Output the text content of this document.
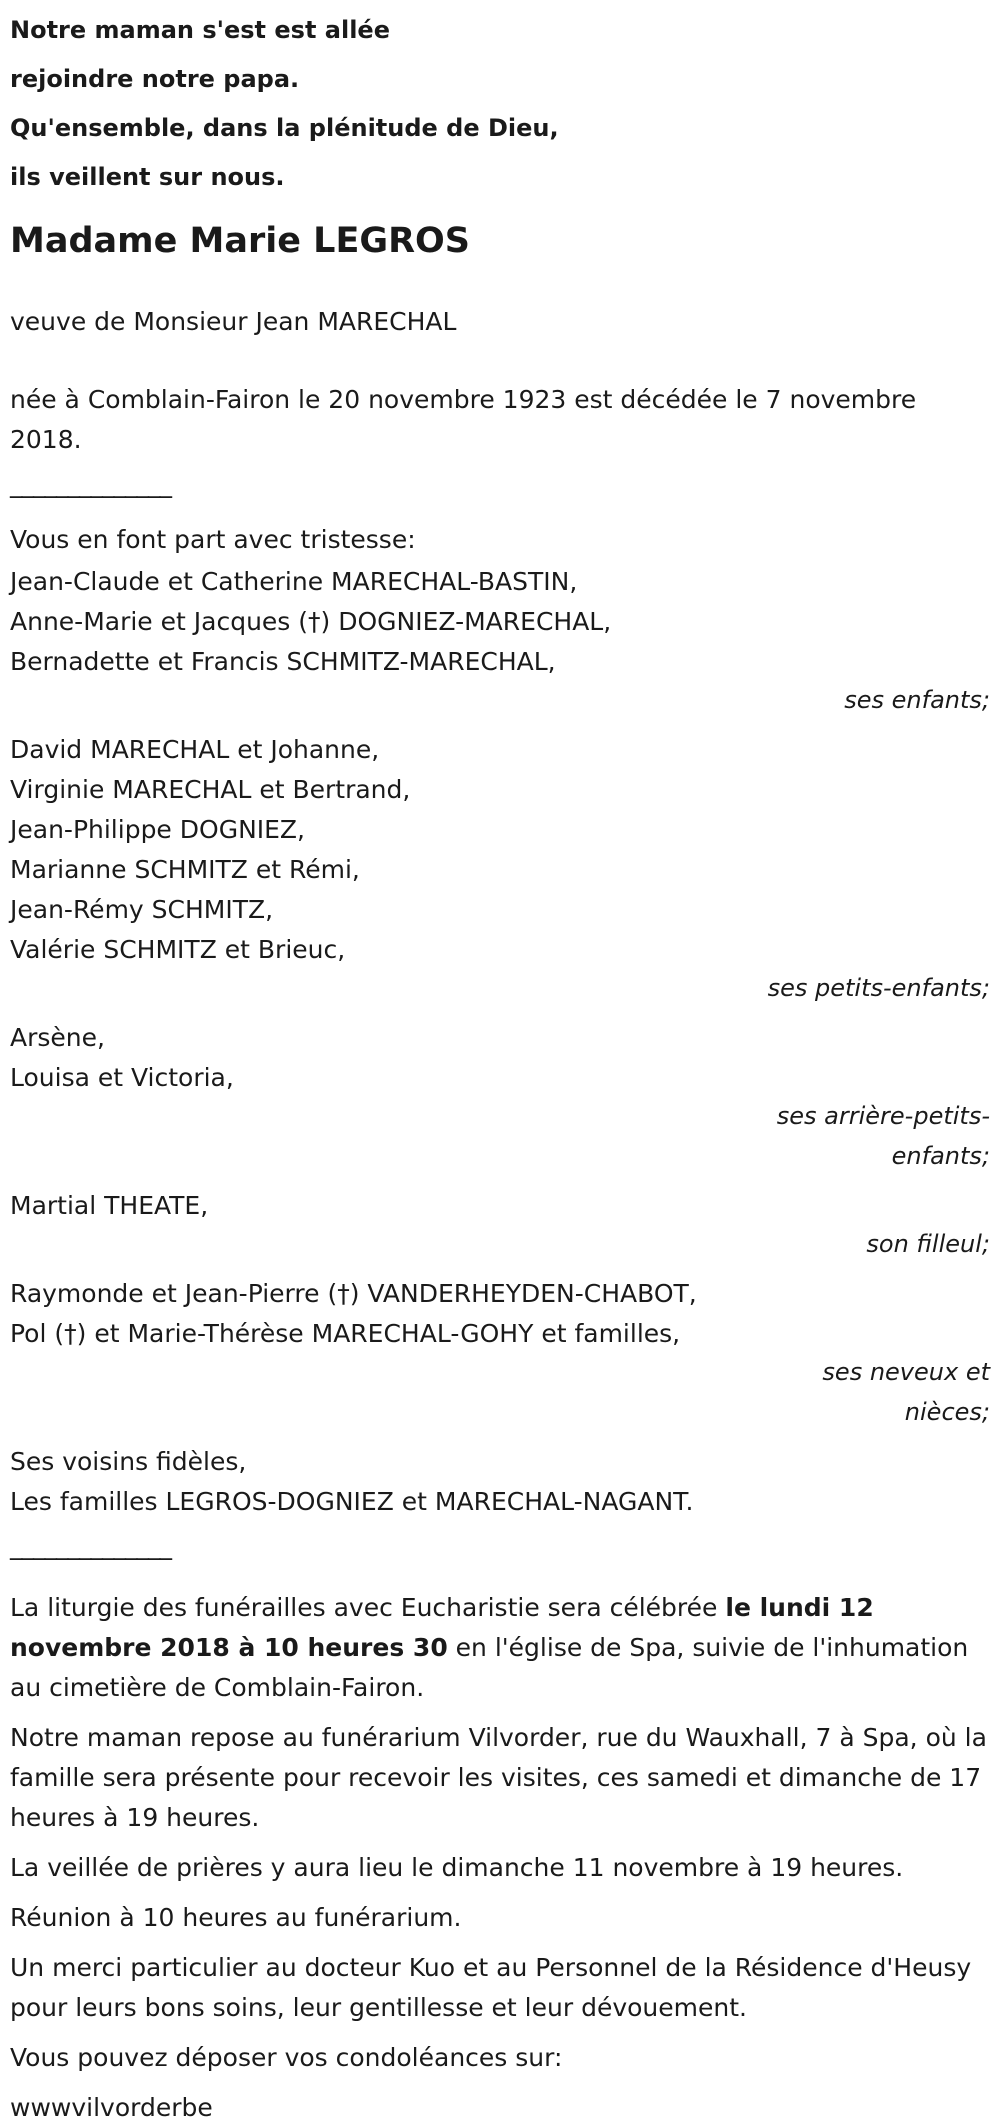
Notre maman s'est est allée

rejoindre notre papa.

Qu'ensemble, dans la plénitude de Dieu,

ils veillent sur nous.

Madame Marie LEGROS

veuve de Monsieur Jean MARECHAL

née à Comblain-Fairon le 20 novembre 1923 est décédée le 7 novembre 2018.

______________

Vous en font part avec tristesse:

Jean-Claude et Catherine MARECHAL-BASTIN,
Anne-Marie et Jacques (†) DOGNIEZ-MARECHAL,
Bernadette et Francis SCHMITZ-MARECHAL,
ses enfants;
David MARECHAL et Johanne,
Virginie MARECHAL et Bertrand,
Jean-Philippe DOGNIEZ,
Marianne SCHMITZ et Rémi,
Jean-Rémy SCHMITZ,
Valérie SCHMITZ et Brieuc,
ses petits-enfants;
Arsène,
Louisa et Victoria,
ses arrière-petits-enfants;
Martial THEATE,
son filleul;
Raymonde et Jean-Pierre (†) VANDERHEYDEN-CHABOT,
Pol (†) et Marie-Thérèse MARECHAL-GOHY et familles,
ses neveux et nièces;
Ses voisins fidèles,
Les familles LEGROS-DOGNIEZ et MARECHAL-NAGANT.
______________

La liturgie des funérailles avec Eucharistie sera célébrée le lundi 12 novembre 2018 à 10 heures 30 en l'église de Spa, suivie de l'inhumation au cimetière de Comblain-Fairon.

Notre maman repose au funérarium Vilvorder, rue du Wauxhall, 7 à Spa, où la famille sera présente pour recevoir les visites, ces samedi et dimanche de 17 heures à 19 heures.

La veillée de prières y aura lieu le dimanche 11 novembre à 19 heures.

Réunion à 10 heures au funérarium.

Un merci particulier au docteur Kuo et au Personnel de la Résidence d'Heusy pour leurs bons soins, leur gentillesse et leur dévouement.

Vous pouvez déposer vos condoléances sur:

wwwvilvorderbe
